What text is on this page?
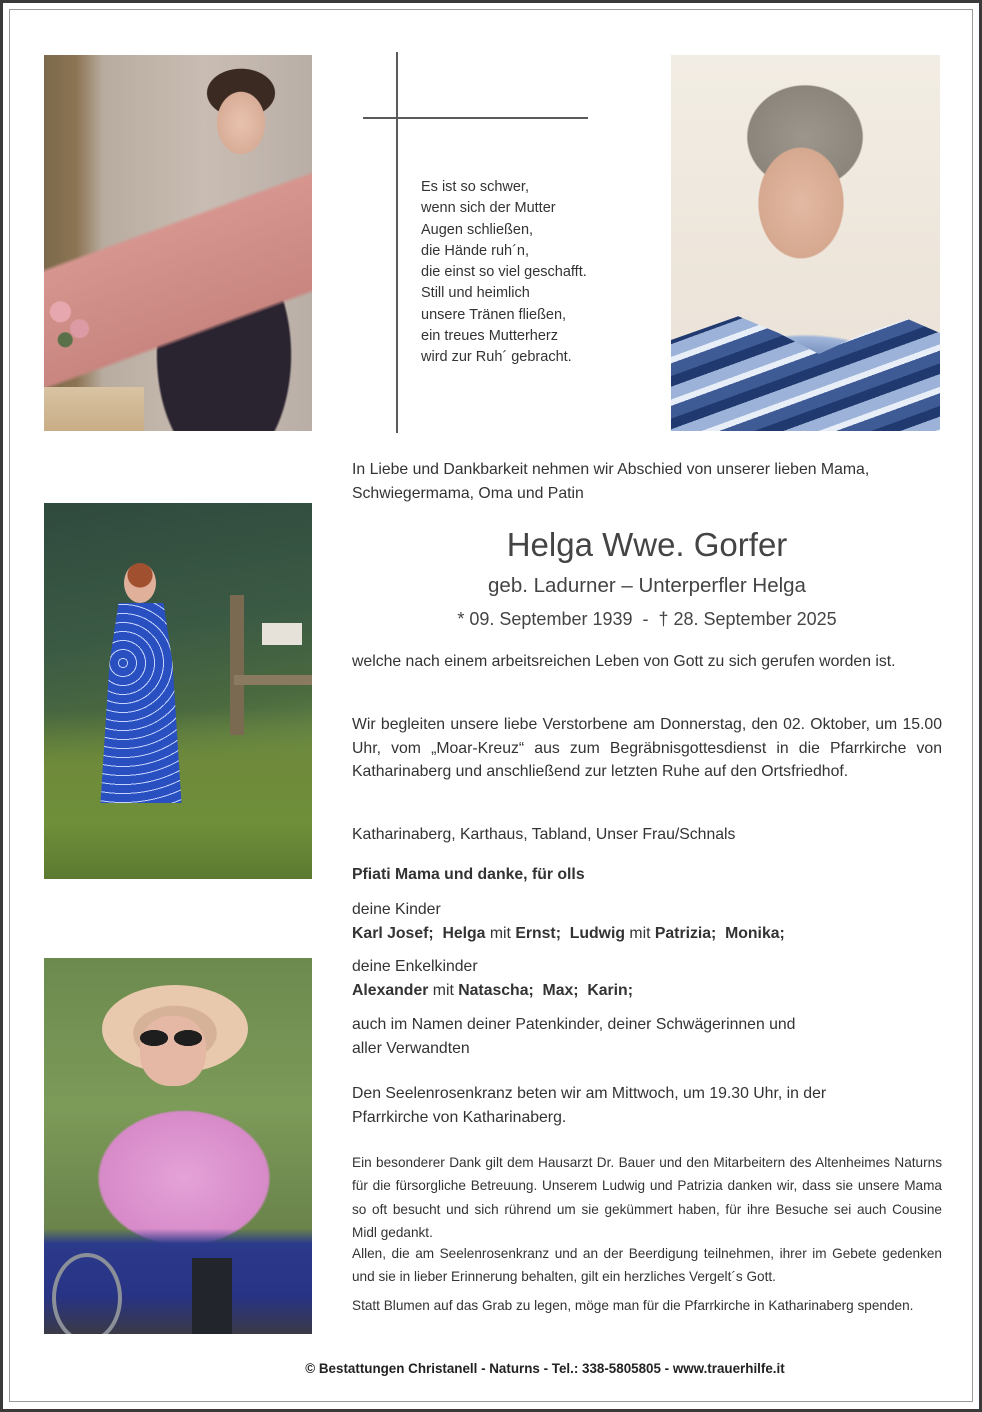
Es ist so schwer,
wenn sich der Mutter
Augen schließen,
die Hände ruh´n,
die einst so viel geschafft.
Still und heimlich
unsere Tränen fließen,
ein treues Mutterherz
wird zur Ruh´ gebracht.
In Liebe und Dankbarkeit nehmen wir Abschied von unserer lieben Mama, Schwiegermama, Oma und Patin
Helga Wwe. Gorfer
geb. Ladurner – Unterperfler Helga
* 09. September 1939  -  † 28. September 2025
welche nach einem arbeitsreichen Leben von Gott zu sich gerufen worden ist.
Wir begleiten unsere liebe Verstorbene am Donnerstag, den 02. Oktober, um 15.00 Uhr, vom „Moar-Kreuz“ aus zum Begräbnisgottesdienst in die Pfarrkirche von Katharinaberg und anschließend zur letzten Ruhe auf den Ortsfriedhof.
Katharinaberg, Karthaus, Tabland, Unser Frau/Schnals
Pfiati Mama und danke, für olls
deine Kinder
Karl Josef; Helga mit Ernst; Ludwig mit Patrizia; Monika;
deine Enkelkinder
Alexander mit Natascha; Max; Karin;
auch im Namen deiner Patenkinder, deiner Schwägerinnen und aller Verwandten
Den Seelenrosenkranz beten wir am Mittwoch, um 19.30 Uhr, in der Pfarrkirche von Katharinaberg.
Ein besonderer Dank gilt dem Hausarzt Dr. Bauer und den Mitarbeitern des Altenheimes Naturns für die fürsorgliche Betreuung. Unserem Ludwig und Patrizia danken wir, dass sie unsere Mama so oft besucht und sich rührend um sie gekümmert haben, für ihre Besuche sei auch Cousine Midl gedankt.
Allen, die am Seelenrosenkranz und an der Beerdigung teilnehmen, ihrer im Gebete gedenken und sie in lieber Erinnerung behalten, gilt ein herzliches Vergelt´s Gott.
Statt Blumen auf das Grab zu legen, möge man für die Pfarrkirche in Katharinaberg spenden.
© Bestattungen Christanell - Naturns - Tel.: 338-5805805 - www.trauerhilfe.it
